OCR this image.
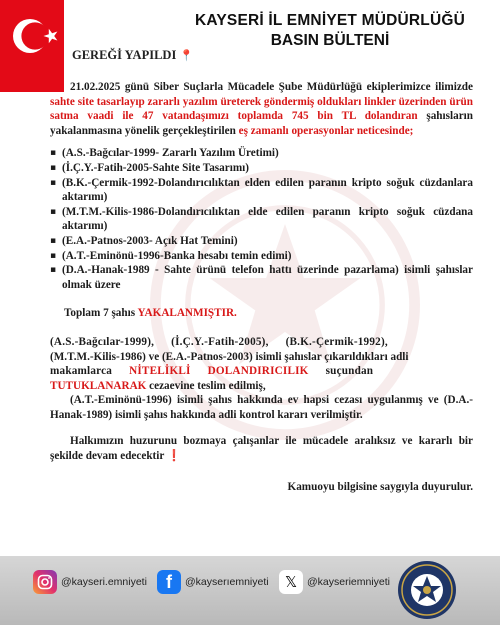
KAYSERİ İL EMNİYET MÜDÜRLÜĞÜ
BASIN BÜLTENİ
GEREĞİ YAPILDI 📍

21.02.2025 günü Siber Suçlarla Mücadele Şube Müdürlüğü ekiplerimizce ilimizde sahte site tasarlayıp zararlı yazılım üreterek göndermiş oldukları linkler üzerinden ürün satma vaadi ile 47 vatandaşımızı toplamda 745 bin TL dolandıran şahısların yakalanmasına yönelik gerçekleştirilen eş zamanlı operasyonlar neticesinde;

▪ (A.S.-Bağcılar-1999- Zararlı Yazılım Üretimi)
▪ (İ.Ç.Y.-Fatih-2005-Sahte Site Tasarımı)
▪ (B.K.-Çermik-1992-Dolandırıcılıktan elden edilen paranın kripto soğuk cüzdanlara aktarımı)
▪ (M.T.M.-Kilis-1986-Dolandırıcılıktan elde edilen paranın kripto soğuk cüzdana aktarımı)
▪ (E.A.-Patnos-2003- Açık Hat Temini)
▪ (A.T.-Eminönü-1996-Banka hesabı temin edimi)
▪ (D.A.-Hanak-1989 - Sahte ürünü telefon hattı üzerinde pazarlama) isimli şahıslar olmak üzere

Toplam 7 şahıs YAKALANMIŞTIR.

(A.S.-Bağcılar-1999), (İ.Ç.Y.-Fatih-2005), (B.K.-Çermik-1992),

(M.T.M.-Kilis-1986) ve (E.A.-Patnos-2003) isimli şahıslar çıkarıldıkları adli

makamlarca NİTELİKLİ DOLANDIRICILIK suçundan

TUTUKLANARAK cezaevine teslim edilmiş,

(A.T.-Eminönü-1996) isimli şahıs hakkında ev hapsi cezası uygulanmış ve (D.A.-Hanak-1989) isimli şahıs hakkında adli kontrol kararı verilmiştir.

Halkımızın huzurunu bozmaya çalışanlar ile mücadele aralıksız ve kararlı bir şekilde devam edecektir ❗

Kamuoyu bilgisine saygıyla duyurulur.

@kayseri.emniyeti	f	@kayserıemniyeti	𝕏 @kayseriemniyeti
